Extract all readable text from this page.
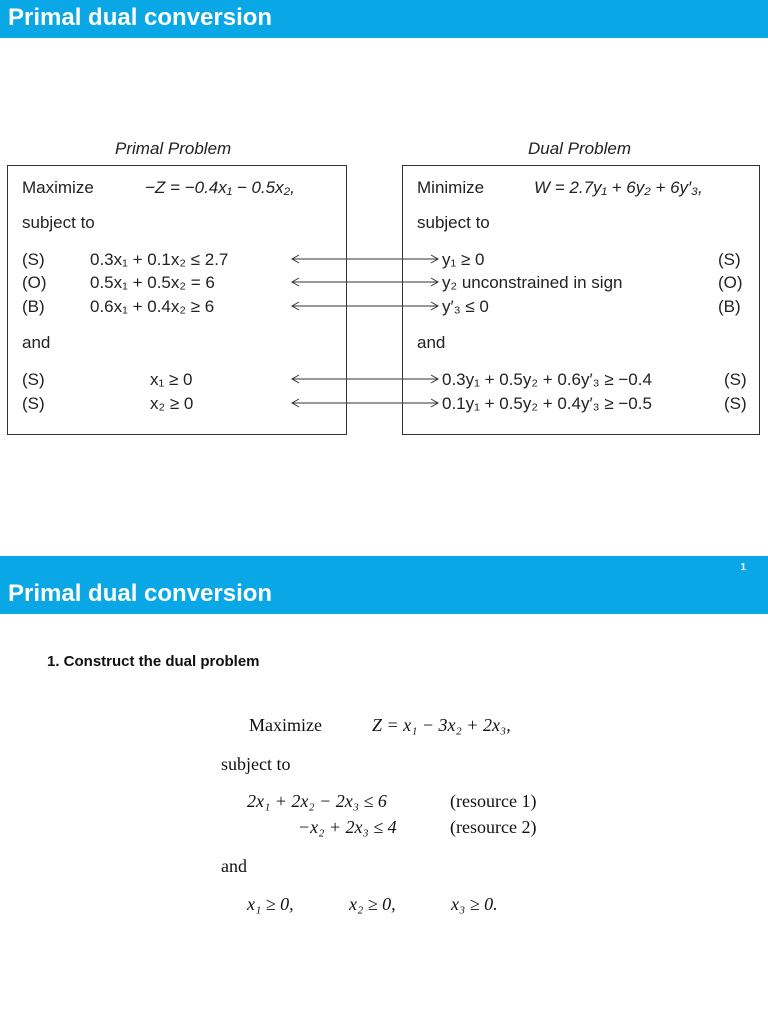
Primal dual conversion
Primal Problem	Dual Problem
Maximize	−Z = −0.4x₁ − 0.5x₂,
subject to
(S)	0.3x₁ + 0.1x₂ ≤ 2.7
(O)	0.5x₁ + 0.5x₂ = 6
(B)	0.6x₁ + 0.4x₂ ≥ 6
and
(S)	x₁ ≥ 0
(S)	x₂ ≥ 0
Minimize	W = 2.7y₁ + 6y₂ + 6y′₃,
subject to
y₁ ≥ 0	(S)
y₂ unconstrained in sign	(O)
y′₃ ≤ 0	(B)
and
0.3y₁ + 0.5y₂ + 0.6y′₃ ≥ −0.4	(S)
0.1y₁ + 0.5y₂ + 0.4y′₃ ≥ −0.5	(S)
1
Primal dual conversion
1. Construct the dual problem
Maximize	Z = x₁ − 3x₂ + 2x₃,
subject to
2x₁ + 2x₂ − 2x₃ ≤ 6	(resource 1)
−x₂ + 2x₃ ≤ 4	(resource 2)
and
x₁ ≥ 0,	x₂ ≥ 0,	x₃ ≥ 0.
